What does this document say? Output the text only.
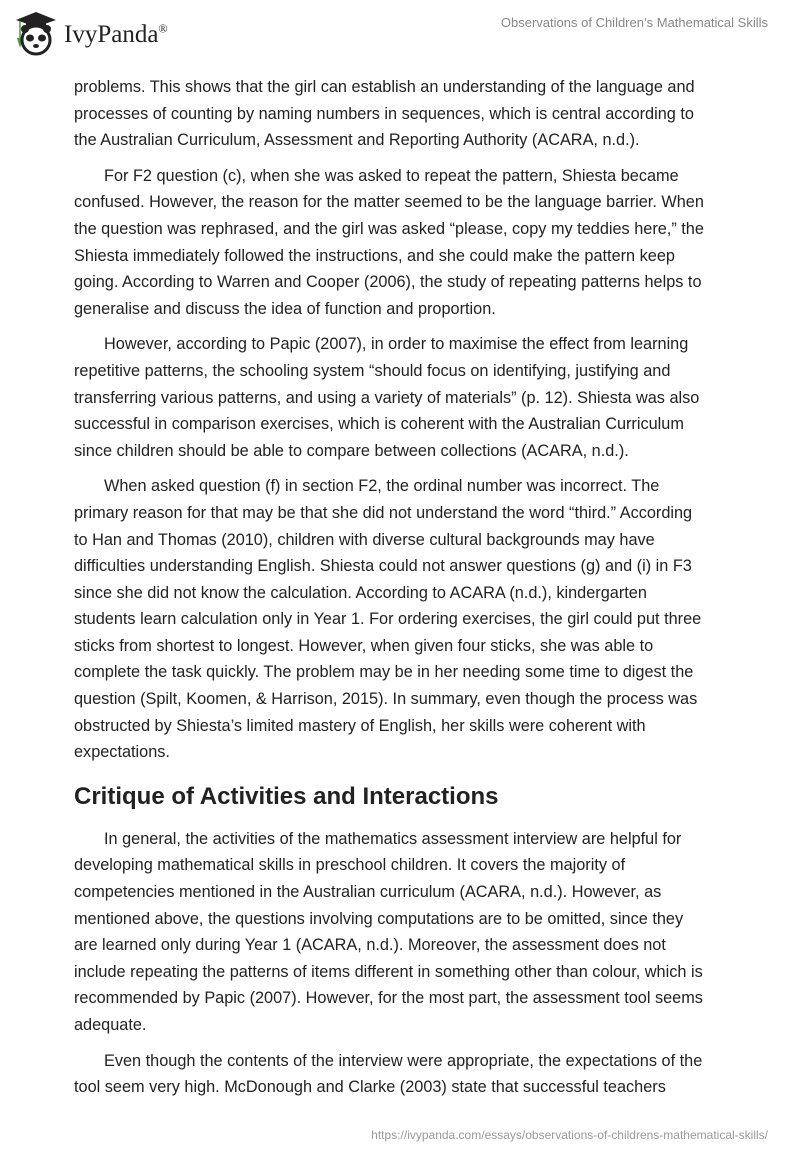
IvyPanda®	Observations of Children’s Mathematical Skills

problems. This shows that the girl can establish an understanding of the language and
processes of counting by naming numbers in sequences, which is central according to
the Australian Curriculum, Assessment and Reporting Authority (ACARA, n.d.).

For F2 question (c), when she was asked to repeat the pattern, Shiesta became
confused. However, the reason for the matter seemed to be the language barrier. When
the question was rephrased, and the girl was asked “please, copy my teddies here,” the
Shiesta immediately followed the instructions, and she could make the pattern keep
going. According to Warren and Cooper (2006), the study of repeating patterns helps to
generalise and discuss the idea of function and proportion.

However, according to Papic (2007), in order to maximise the effect from learning
repetitive patterns, the schooling system “should focus on identifying, justifying and
transferring various patterns, and using a variety of materials” (p. 12). Shiesta was also
successful in comparison exercises, which is coherent with the Australian Curriculum
since children should be able to compare between collections (ACARA, n.d.).

When asked question (f) in section F2, the ordinal number was incorrect. The
primary reason for that may be that she did not understand the word “third.” According
to Han and Thomas (2010), children with diverse cultural backgrounds may have
difficulties understanding English. Shiesta could not answer questions (g) and (i) in F3
since she did not know the calculation. According to ACARA (n.d.), kindergarten
students learn calculation only in Year 1. For ordering exercises, the girl could put three
sticks from shortest to longest. However, when given four sticks, she was able to
complete the task quickly. The problem may be in her needing some time to digest the
question (Spilt, Koomen, & Harrison, 2015). In summary, even though the process was
obstructed by Shiesta’s limited mastery of English, her skills were coherent with
expectations.

Critique of Activities and Interactions

In general, the activities of the mathematics assessment interview are helpful for
developing mathematical skills in preschool children. It covers the majority of
competencies mentioned in the Australian curriculum (ACARA, n.d.). However, as
mentioned above, the questions involving computations are to be omitted, since they
are learned only during Year 1 (ACARA, n.d.). Moreover, the assessment does not
include repeating the patterns of items different in something other than colour, which is
recommended by Papic (2007). However, for the most part, the assessment tool seems
adequate.

Even though the contents of the interview were appropriate, the expectations of the
tool seem very high. McDonough and Clarke (2003) state that successful teachers

https://ivypanda.com/essays/observations-of-childrens-mathematical-skills/
